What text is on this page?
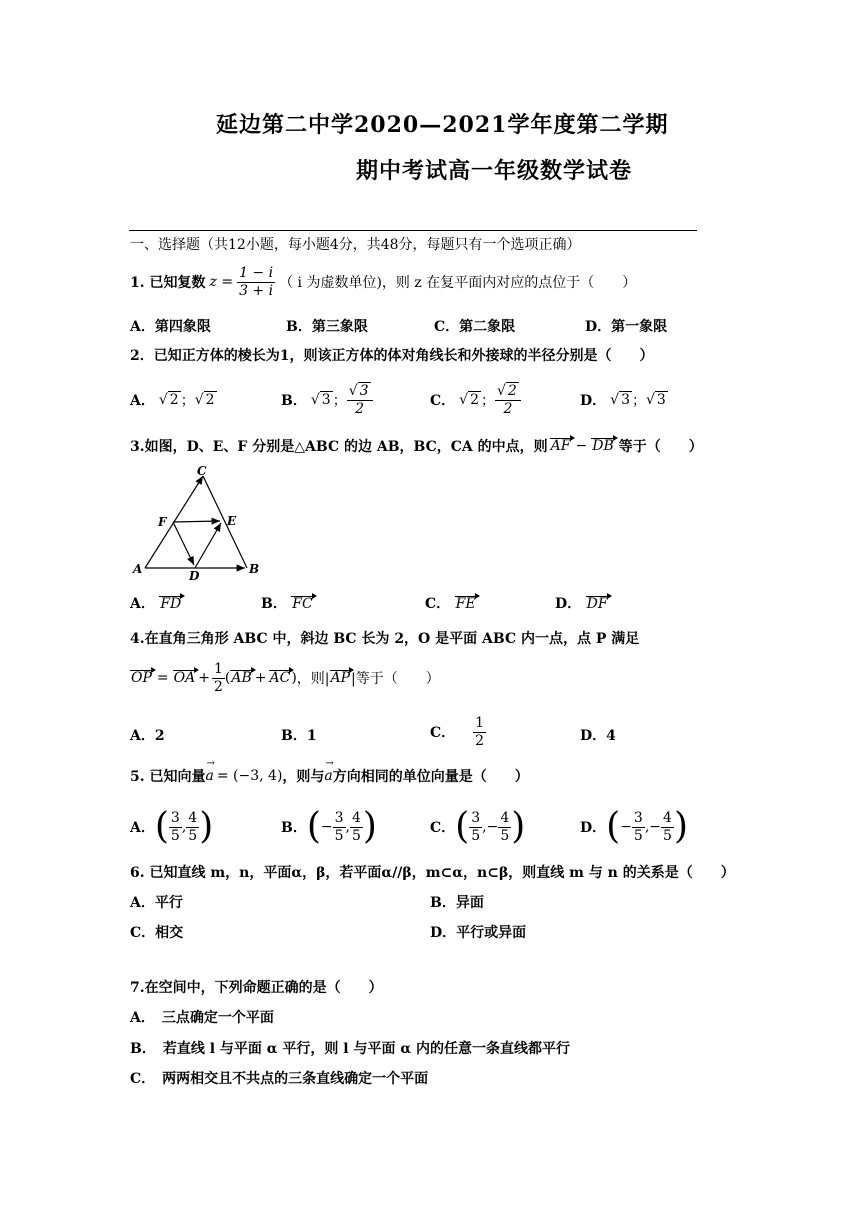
延边第二中学2020—2021学年度第二学期
期中考试高一年级数学试卷
一、选择题（共12小题，每小题4分，共48分，每题只有一个选项正确）
1. 已知复数 $z = \frac{1 - i}{3 + i}$ （ i 为虚数单位)，则 z 在复平面内对应的点位于（　　）
A．第四象限	B．第三象限	C．第二象限	D．第一象限
2．已知正方体的棱长为1，则该正方体的体对角线长和外接球的半径分别是（　　）
A． √ 2 ； √ 2	B． √ 3 ； $\frac{√ 3}{2}$	C． √ 2 ； $\frac{√ 2}{2}$	D． √ 3 ； √ 3
3.如图，D、E、F 分别是△ABC 的边 AB，BC，CA 的中点，则 AF − DB 等于（　　）
C
F	E
A	B
D
A． FD	B． FC	C． FE	D． DF
4.在直角三角形 ABC 中，斜边 BC 长为 2，O 是平面 ABC 内一点，点 P 满足
OP = OA + $\frac{1}{2}$ ( AB + AC ) ，则| AP |等于（　　）
A．2	B．1	C． $\frac{1}{2}$	D．4
5. 已知向量
→
a = (−3, 4) ，则与
→
a 方向相同的单位向量是（　　）
A． ( $\frac{3}{5}$ , $\frac{4}{5}$ )	B． ( − $\frac{3}{5}$ , $\frac{4}{5}$ )	C． ( $\frac{3}{5}$ , − $\frac{4}{5}$ )	D． ( − $\frac{3}{5}$ , − $\frac{4}{5}$ )
6. 已知直线 m，n，平面α，β，若平面α//β，m⊂α，n⊂β，则直线 m 与 n 的关系是（　　）
A．平行	B．异面
C．相交	D．平行或异面
7.在空间中，下列命题正确的是（　　）
A．　三点确定一个平面
B．　若直线 l 与平面 α 平行，则 l 与平面 α 内的任意一条直线都平行
C．　两两相交且不共点的三条直线确定一个平面
